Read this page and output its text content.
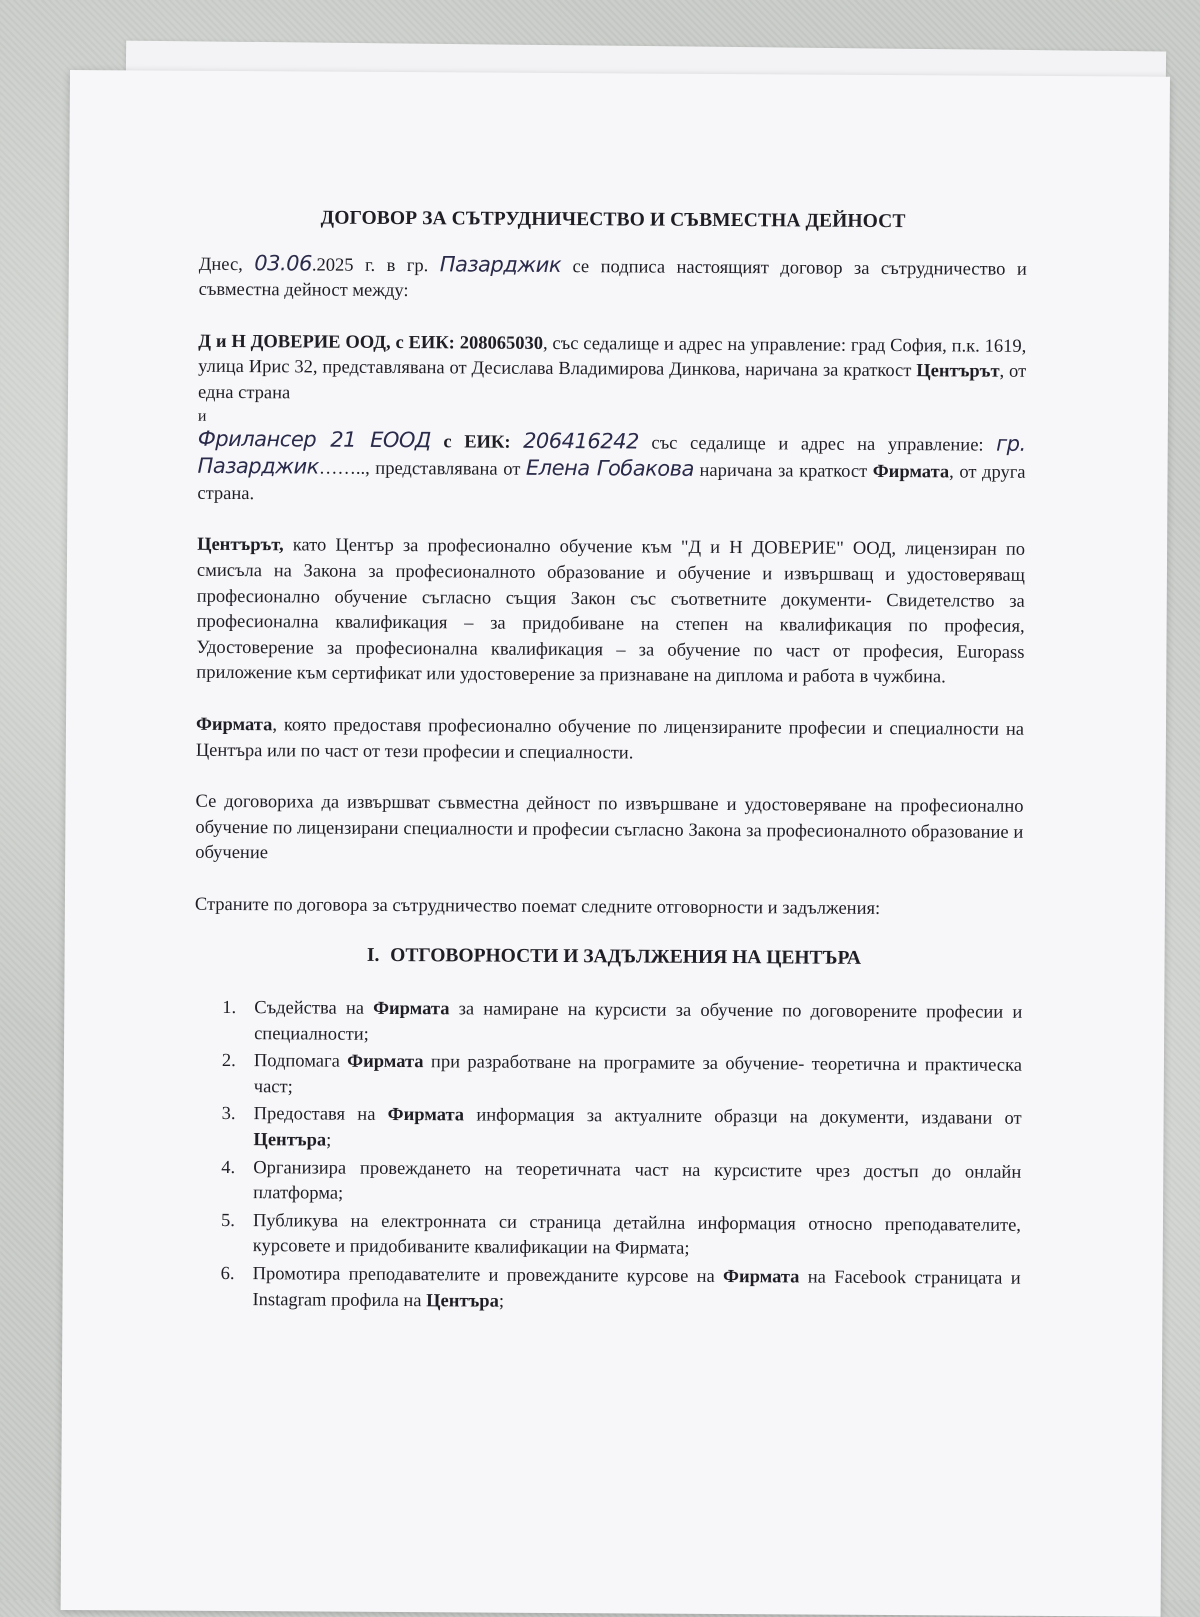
ДОГОВОР ЗА СЪТРУДНИЧЕСТВО И СЪВМЕСТНА ДЕЙНОСТ

Днес, 03.06.2025 г. в гр. Пазарджик се подписа настоящият договор за сътрудничество и съвместна дейност между:

Д и Н ДОВЕРИЕ ООД, с ЕИК: 208065030, със седалище и адрес на управление: град София, п.к. 1619, улица Ирис 32, представлявана от Десислава Владимирова Динкова, наричана за краткост Центърът, от една страна

и

Фрилансер 21 ЕООД с ЕИК: 206416242 със седалище и адрес на управление: гр. Пазарджик…….., представлявана от Елена Гобакова наричана за краткост Фирмата, от друга страна.

Центърът, като Център за професионално обучение към "Д и Н ДОВЕРИЕ" ООД, лицензиран по смисъла на Закона за професионалното образование и обучение и извършващ и удостоверяващ професионално обучение съгласно същия Закон със съответните документи- Свидетелство за професионална квалификация – за придобиване на степен на квалификация по професия, Удостоверение за професионална квалификация – за обучение по част от професия, Europass приложение към сертификат или удостоверение за признаване на диплома и работа в чужбина.

Фирмата, която предоставя професионално обучение по лицензираните професии и специалности на Центъра или по част от тези професии и специалности.

Се договориха да извършват съвместна дейност по извършване и удостоверяване на професионално обучение по лицензирани специалности и професии съгласно Закона за професионалното образование и обучение

Страните по договора за сътрудничество поемат следните отговорности и задължения:

I. ОТГОВОРНОСТИ И ЗАДЪЛЖЕНИЯ НА ЦЕНТЪРА

1. Съдейства на Фирмата за намиране на курсисти за обучение по договорените професии и специалности;
2. Подпомага Фирмата при разработване на програмите за обучение- теоретична и практическа част;
3. Предоставя на Фирмата информация за актуалните образци на документи, издавани от Центъра;
4. Организира провеждането на теоретичната част на курсистите чрез достъп до онлайн платформа;
5. Публикува на електронната си страница детайлна информация относно преподавателите, курсовете и придобиваните квалификации на Фирмата;
6. Промотира преподавателите и провежданите курсове на Фирмата на Facebook страницата и Instagram профила на Центъра;
